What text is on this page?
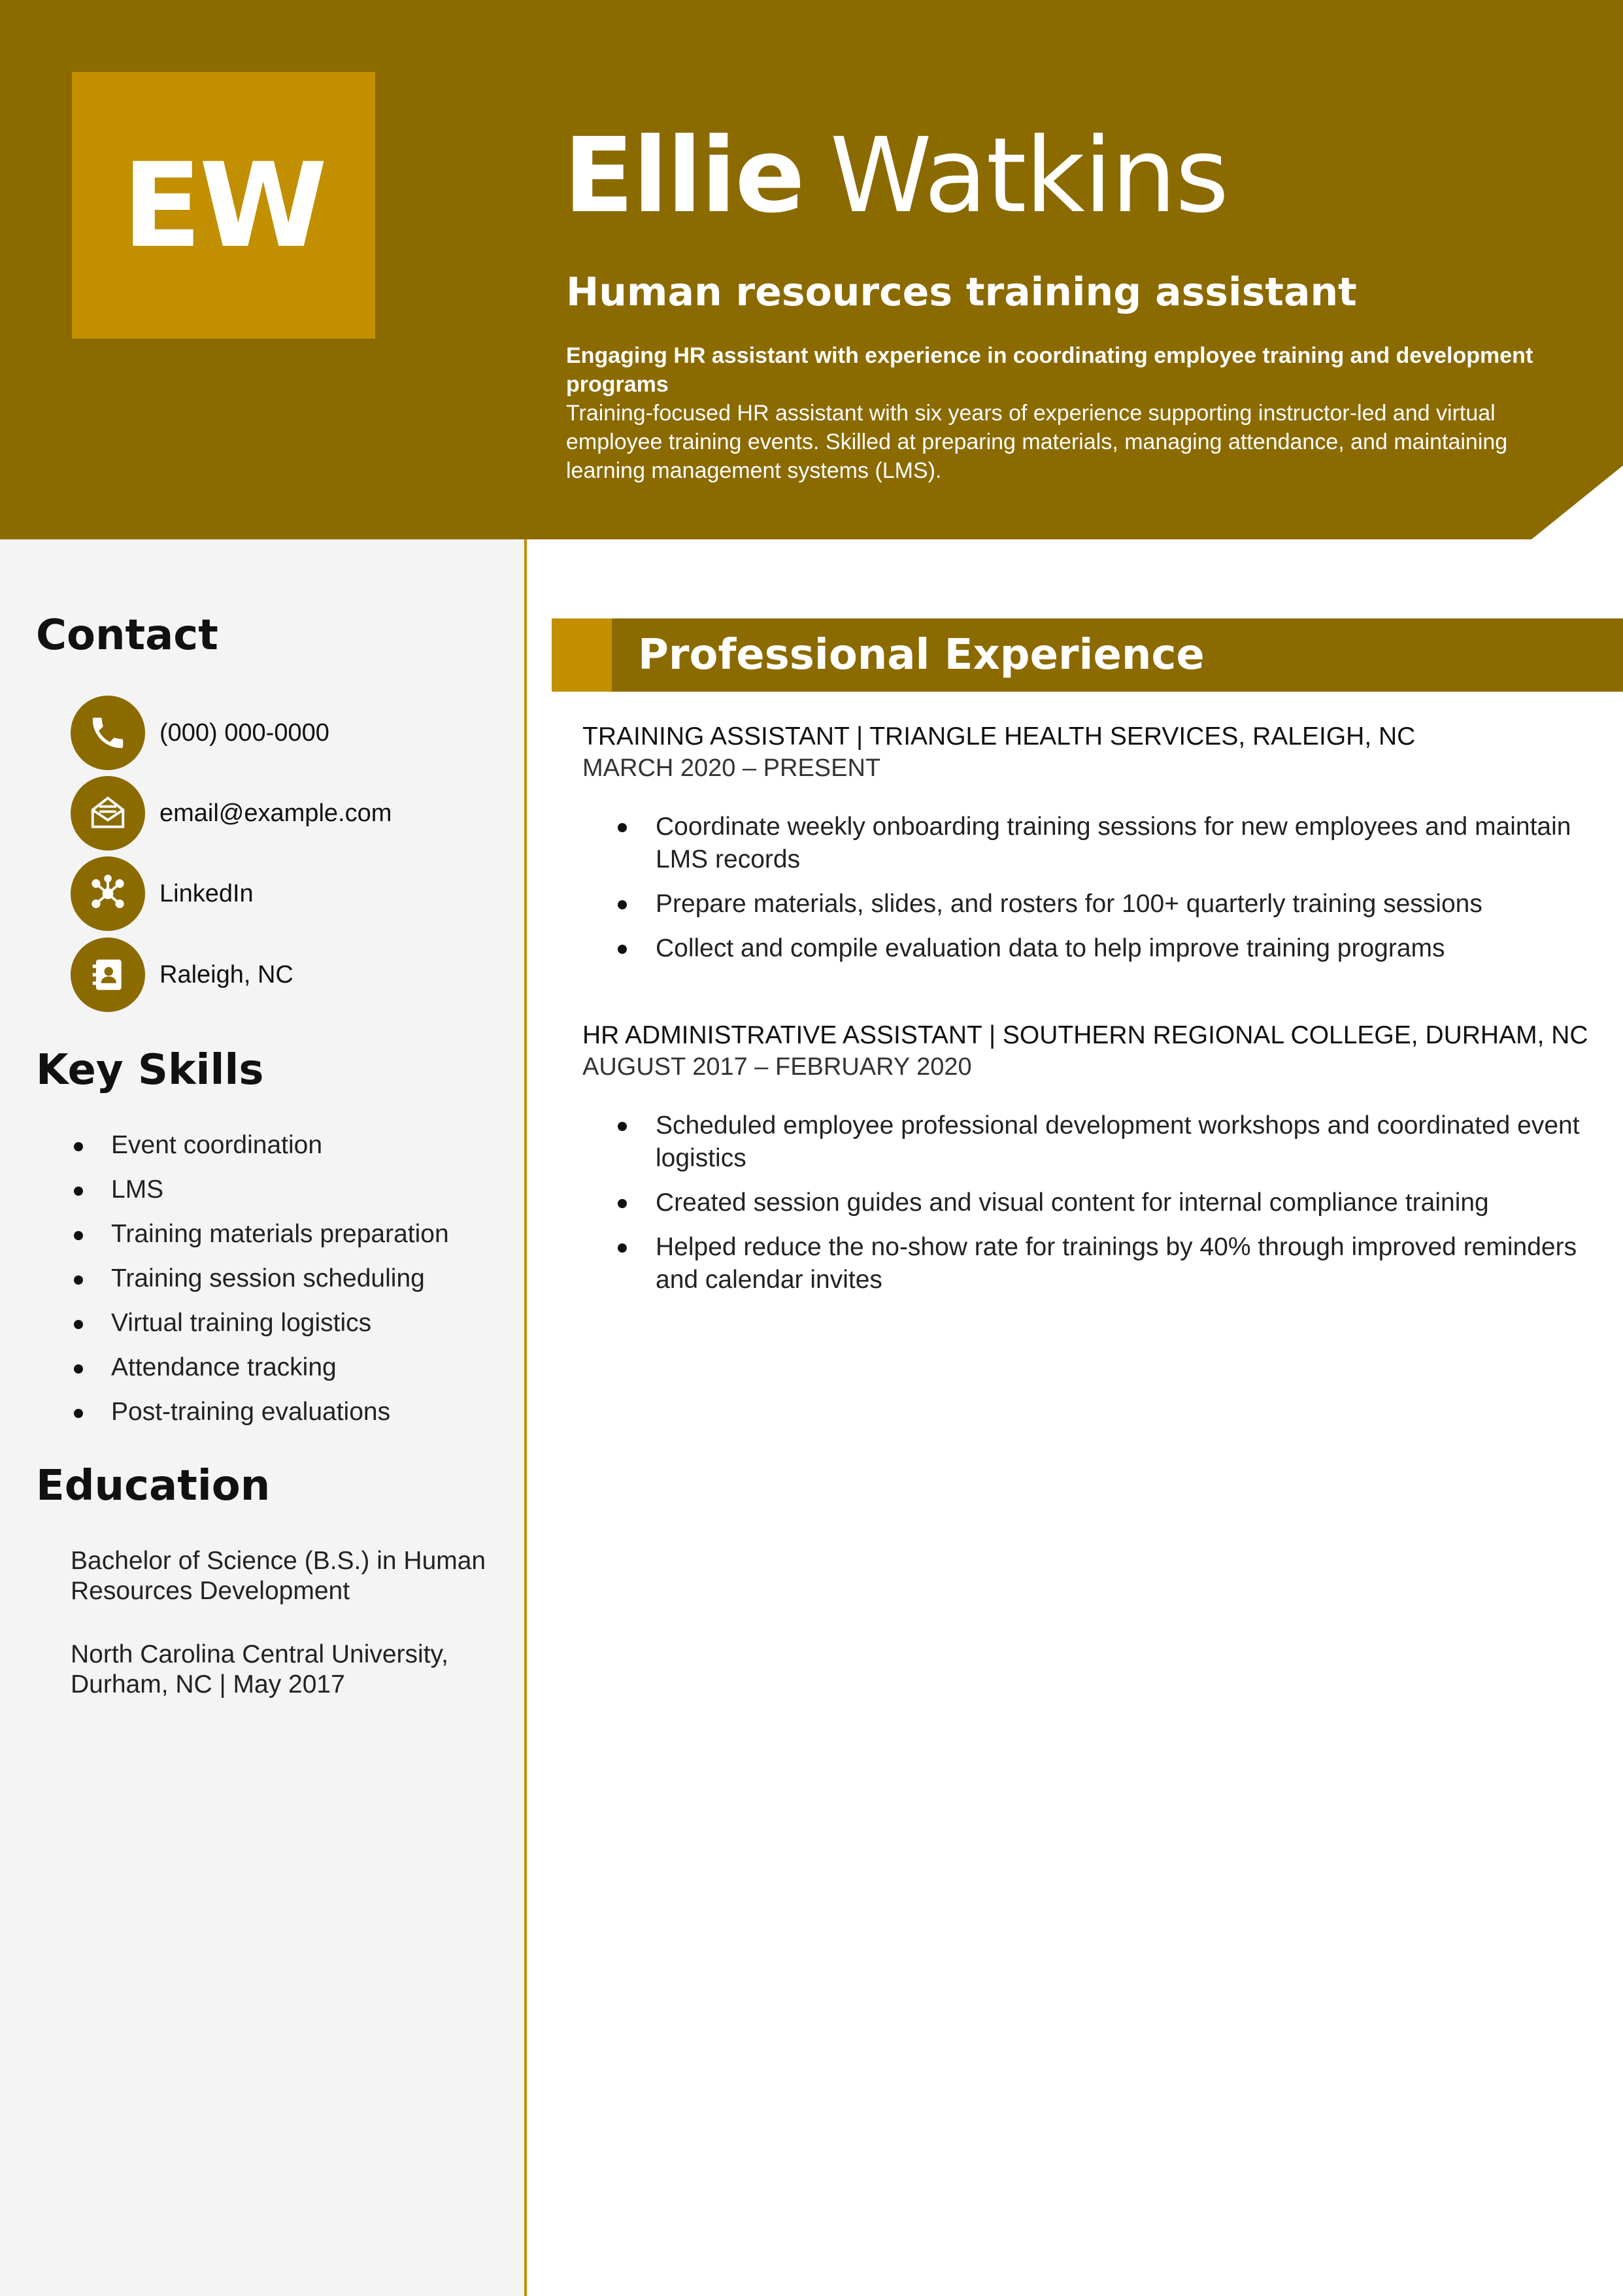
EW Ellie Watkins
Human resources training assistant
Engaging HR assistant with experience in coordinating employee training and development programs
Training-focused HR assistant with six years of experience supporting instructor-led and virtual employee training events. Skilled at preparing materials, managing attendance, and maintaining learning management systems (LMS).
Contact
(000) 000-0000
email@example.com
LinkedIn
Raleigh, NC
Key Skills
Event coordination
LMS
Training materials preparation
Training session scheduling
Virtual training logistics
Attendance tracking
Post-training evaluations
Education
Bachelor of Science (B.S.) in Human Resources Development
North Carolina Central University, Durham, NC | May 2017
Professional Experience
TRAINING ASSISTANT | TRIANGLE HEALTH SERVICES, RALEIGH, NC
MARCH 2020 – PRESENT
Coordinate weekly onboarding training sessions for new employees and maintain LMS records
Prepare materials, slides, and rosters for 100+ quarterly training sessions
Collect and compile evaluation data to help improve training programs
HR ADMINISTRATIVE ASSISTANT | SOUTHERN REGIONAL COLLEGE, DURHAM, NC
AUGUST 2017 – FEBRUARY 2020
Scheduled employee professional development workshops and coordinated event logistics
Created session guides and visual content for internal compliance training
Helped reduce the no-show rate for trainings by 40% through improved reminders and calendar invites
